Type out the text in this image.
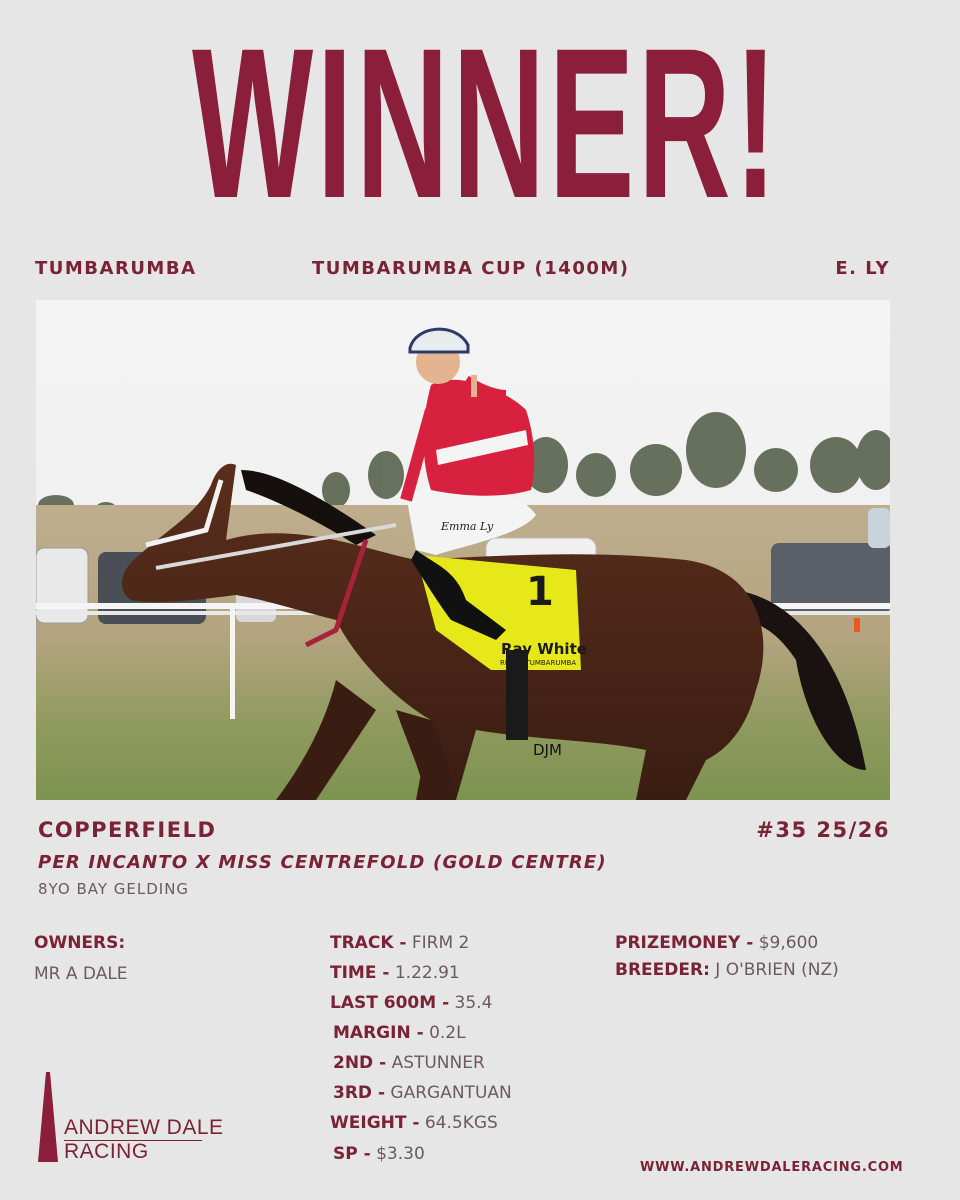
WINNER!
TUMBARUMBA	TUMBARUMBA CUP (1400M)	E. LY
1
Ray White
RURAL TUMBARUMBA
Emma Ly
DJM
COPPERFIELD	#35 25/26
PER INCANTO X MISS CENTREFOLD (GOLD CENTRE)
8YO BAY GELDING
OWNERS:
MR A DALE
TRACK - FIRM 2
TIME - 1.22.91
LAST 600M - 35.4
MARGIN - 0.2L
2ND - ASTUNNER
3RD - GARGANTUAN
WEIGHT - 64.5KGS
SP - $3.30
PRIZEMONEY - $9,600
BREEDER: J O'BRIEN (NZ)
ANDREW DALE
RACING
WWW.ANDREWDALERACING.COM
